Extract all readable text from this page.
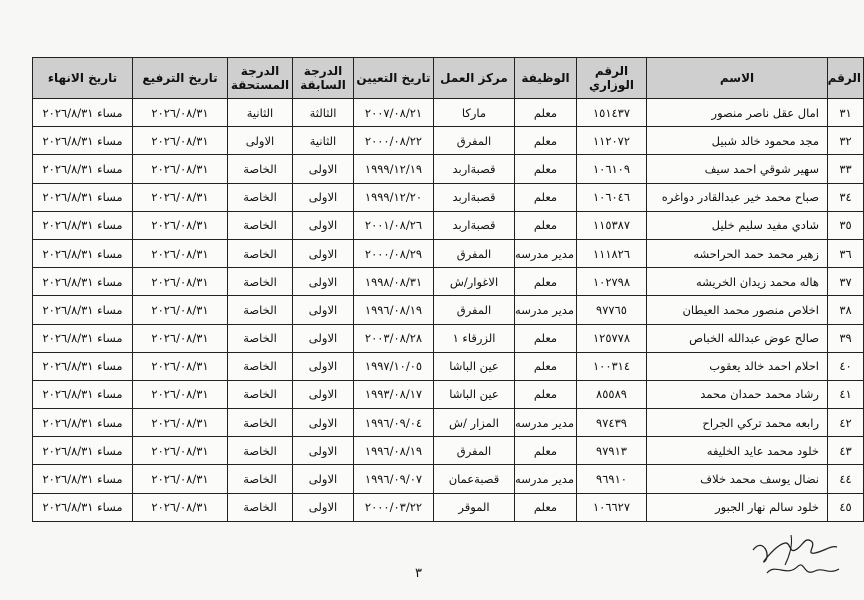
الرقم	الاسم	الرقم الوزاري	الوظيفة	مركز العمل	تاريخ التعيين	الدرجة السابقة	الدرجة المستحقة	تاريخ الترفيع	تاريخ الانهاء
٣١	امال عقل ناصر منصور	١٥١٤٣٧	معلم	ماركا	٢٠٠٧/٠٨/٢١	الثالثة	الثانية	٢٠٢٦/٠٨/٣١	مساء ٢٠٢٦/٨/٣١
٣٢	مجد محمود خالد شبيل	١١٢٠٧٢	معلم	المفرق	٢٠٠٠/٠٨/٢٢	الثانية	الاولى	٢٠٢٦/٠٨/٣١	مساء ٢٠٢٦/٨/٣١
٣٣	سهير شوقي احمد سيف	١٠٦١٠٩	معلم	قصبةاربد	١٩٩٩/١٢/١٩	الاولى	الخاصة	٢٠٢٦/٠٨/٣١	مساء ٢٠٢٦/٨/٣١
٣٤	صباح محمد خير عبدالقادر دواغره	١٠٦٠٤٦	معلم	قصبةاربد	١٩٩٩/١٢/٢٠	الاولى	الخاصة	٢٠٢٦/٠٨/٣١	مساء ٢٠٢٦/٨/٣١
٣٥	شادي مفيد سليم خليل	١١٥٣٨٧	معلم	قصبةاربد	٢٠٠١/٠٨/٢٦	الاولى	الخاصة	٢٠٢٦/٠٨/٣١	مساء ٢٠٢٦/٨/٣١
٣٦	زهير محمد حمد الحراحشه	١١١٨٢٦	مدير مدرسه	المفرق	٢٠٠٠/٠٨/٢٩	الاولى	الخاصة	٢٠٢٦/٠٨/٣١	مساء ٢٠٢٦/٨/٣١
٣٧	هاله محمد زيدان الخريشه	١٠٢٧٩٨	معلم	الاغوار/ش	١٩٩٨/٠٨/٣١	الاولى	الخاصة	٢٠٢٦/٠٨/٣١	مساء ٢٠٢٦/٨/٣١
٣٨	اخلاص منصور محمد العيطان	٩٧٧٦٥	مدير مدرسه	المفرق	١٩٩٦/٠٨/١٩	الاولى	الخاصة	٢٠٢٦/٠٨/٣١	مساء ٢٠٢٦/٨/٣١
٣٩	صالح عوض عبدالله الخباص	١٢٥٧٧٨	معلم	الزرقاء ١	٢٠٠٣/٠٨/٢٨	الاولى	الخاصة	٢٠٢٦/٠٨/٣١	مساء ٢٠٢٦/٨/٣١
٤٠	احلام احمد خالد يعقوب	١٠٠٣١٤	معلم	عين الباشا	١٩٩٧/١٠/٠٥	الاولى	الخاصة	٢٠٢٦/٠٨/٣١	مساء ٢٠٢٦/٨/٣١
٤١	رشاد محمد حمدان محمد	٨٥٥٨٩	معلم	عين الباشا	١٩٩٣/٠٨/١٧	الاولى	الخاصة	٢٠٢٦/٠٨/٣١	مساء ٢٠٢٦/٨/٣١
٤٢	رابعه محمد تركي الجراح	٩٧٤٣٩	مدير مدرسه	المزار /ش	١٩٩٦/٠٩/٠٤	الاولى	الخاصة	٢٠٢٦/٠٨/٣١	مساء ٢٠٢٦/٨/٣١
٤٣	خلود محمد عايد الخليفه	٩٧٩١٣	معلم	المفرق	١٩٩٦/٠٨/١٩	الاولى	الخاصة	٢٠٢٦/٠٨/٣١	مساء ٢٠٢٦/٨/٣١
٤٤	نضال يوسف محمد خلاف	٩٦٩١٠	مدير مدرسه	قصبةعمان	١٩٩٦/٠٩/٠٧	الاولى	الخاصة	٢٠٢٦/٠٨/٣١	مساء ٢٠٢٦/٨/٣١
٤٥	خلود سالم نهار الجبور	١٠٦٦٢٧	معلم	الموقر	٢٠٠٠/٠٣/٢٢	الاولى	الخاصة	٢٠٢٦/٠٨/٣١	مساء ٢٠٢٦/٨/٣١
٣
